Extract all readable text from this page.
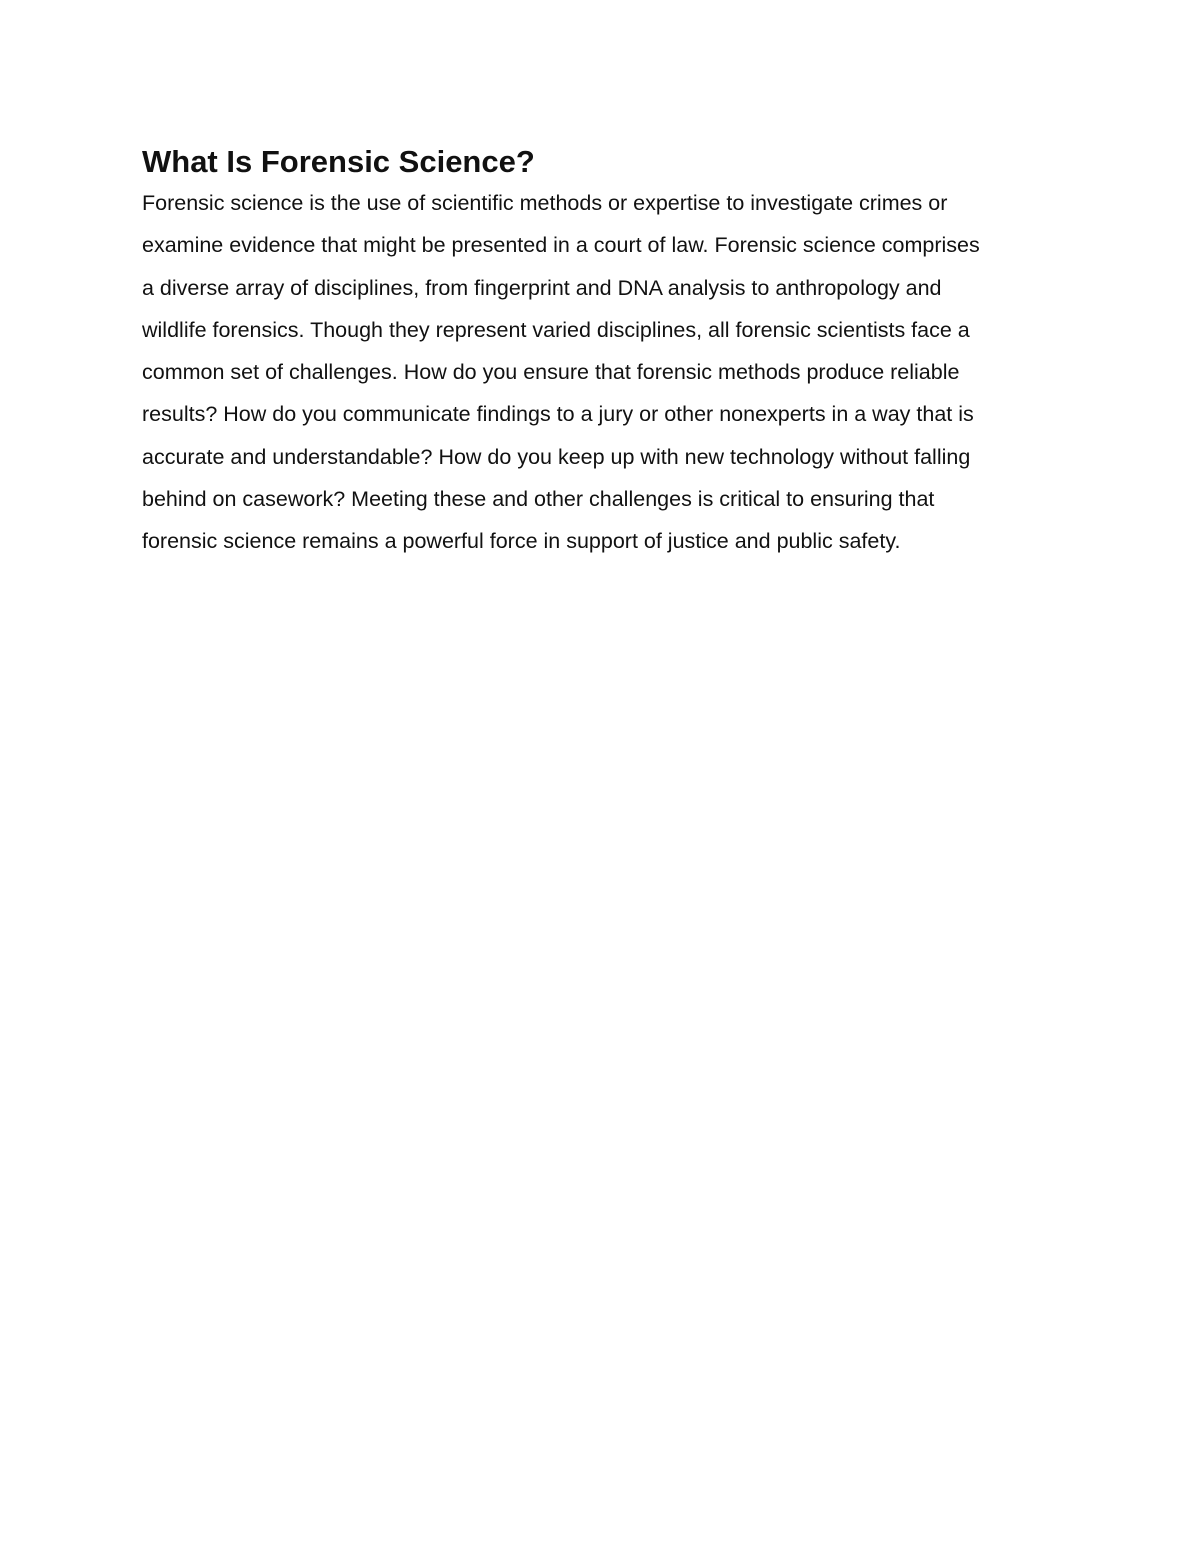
What Is Forensic Science?

Forensic science is the use of scientific methods or expertise to investigate crimes or
examine evidence that might be presented in a court of law. Forensic science comprises
a diverse array of disciplines, from fingerprint and DNA analysis to anthropology and
wildlife forensics. Though they represent varied disciplines, all forensic scientists face a
common set of challenges. How do you ensure that forensic methods produce reliable
results? How do you communicate findings to a jury or other nonexperts in a way that is
accurate and understandable? How do you keep up with new technology without falling
behind on casework? Meeting these and other challenges is critical to ensuring that
forensic science remains a powerful force in support of justice and public safety.
